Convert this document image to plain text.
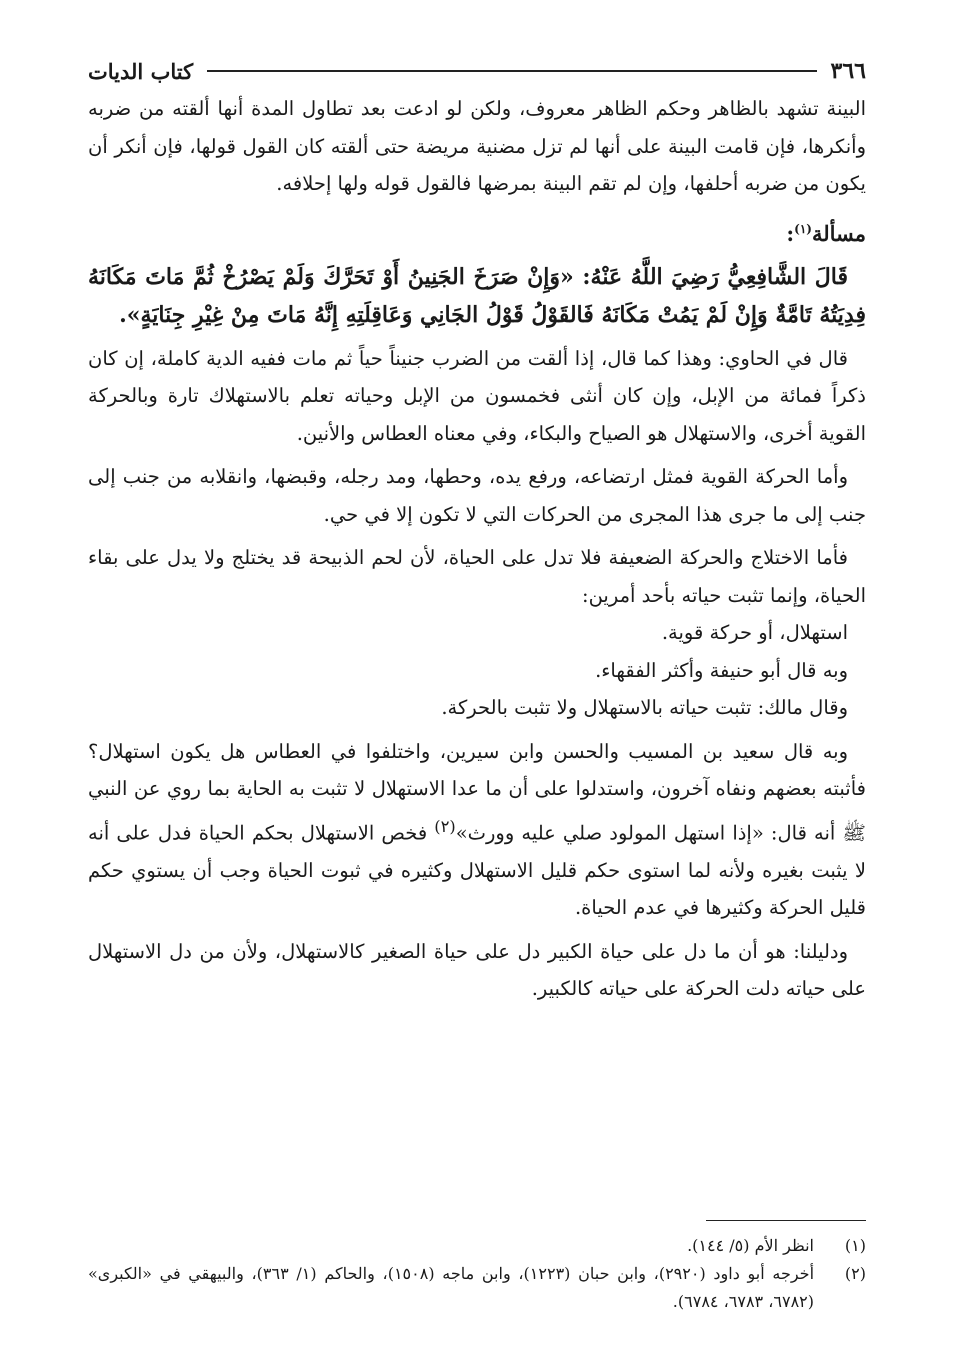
٣٦٦
كتاب الديات

البينة تشهد بالظاهر وحكم الظاهر معروف، ولكن لو ادعت بعد تطاول المدة أنها ألقته من ضربه وأنكرها، فإن قامت البينة على أنها لم تزل مضنية مريضة حتى ألقته كان القول قولها، فإن أنكر أن يكون من ضربه أحلفها، وإن لم تقم البينة بمرضها فالقول قوله ولها إحلافه.

مسألة$^{(١)}$:

قَالَ الشَّافِعِيُّ رَضِيَ اللَّهُ عَنْهُ: «وَإِنْ صَرَخَ الجَنِينُ أَوْ تَحَرَّكَ وَلَمْ يَصْرُخْ ثُمَّ مَاتَ مَكَانَهُ فِدِيَتُهُ تَامَّةٌ وَإِنْ لَمْ يَمُتْ مَكَانَهُ فَالقَوْلُ قَوْلُ الجَانِي وَعَاقِلَتِهِ إِنَّهُ مَاتَ مِنْ غِيْرِ جِنَايَةٍ».

قال في الحاوي: وهذا كما قال، إذا ألقت من الضرب جنيناً حياً ثم مات ففيه الدية كاملة، إن كان ذكراً فمائة من الإبل، وإن كان أنثى فخمسون من الإبل وحياته تعلم بالاستهلاك تارة وبالحركة القوية أخرى، والاستهلال هو الصياح والبكاء، وفي معناه العطاس والأنين.

وأما الحركة القوية فمثل ارتضاعه، ورفع يده، وحطها، ومد رجله، وقبضها، وانقلابه من جنب إلى جنب إلى ما جرى هذا المجرى من الحركات التي لا تكون إلا في حي.

فأما الاختلاج والحركة الضعيفة فلا تدل على الحياة، لأن لحم الذبيحة قد يختلج ولا يدل على بقاء الحياة، وإنما تثبت حياته بأحد أمرين:

استهلال، أو حركة قوية.

وبه قال أبو حنيفة وأكثر الفقهاء.

وقال مالك: تثبت حياته بالاستهلال ولا تثبت بالحركة.

وبه قال سعيد بن المسيب والحسن وابن سيرين، واختلفوا في العطاس هل يكون استهلال؟ فأثبته بعضهم ونفاه آخرون، واستدلوا على أن ما عدا الاستهلال لا تثبت به الحاية بما روي عن النبي ﷺ أنه قال: «إذا استهل المولود صلي عليه وورث»$^{(٢)}$ فخص الاستهلال بحكم الحياة فدل على أنه لا يثبت بغيره ولأنه لما استوى حكم قليل الاستهلال وكثيره في ثبوت الحياة وجب أن يستوي حكم قليل الحركة وكثيرها في عدم الحياة.

ودليلنا: هو أن ما دل على حياة الكبير دل على حياة الصغير كالاستهلال، ولأن من دل الاستهلال على حياته دلت الحركة على حياته كالكبير.

(١)
انظر الأم (٥/ ١٤٤).
(٢)
أخرجه أبو داود (٢٩٢٠)، وابن حبان (١٢٢٣)، وابن ماجه (١٥٠٨)، والحاكم (١/ ٣٦٣)، والبيهقي في «الكبرى» (٦٧٨٢، ٦٧٨٣، ٦٧٨٤).
